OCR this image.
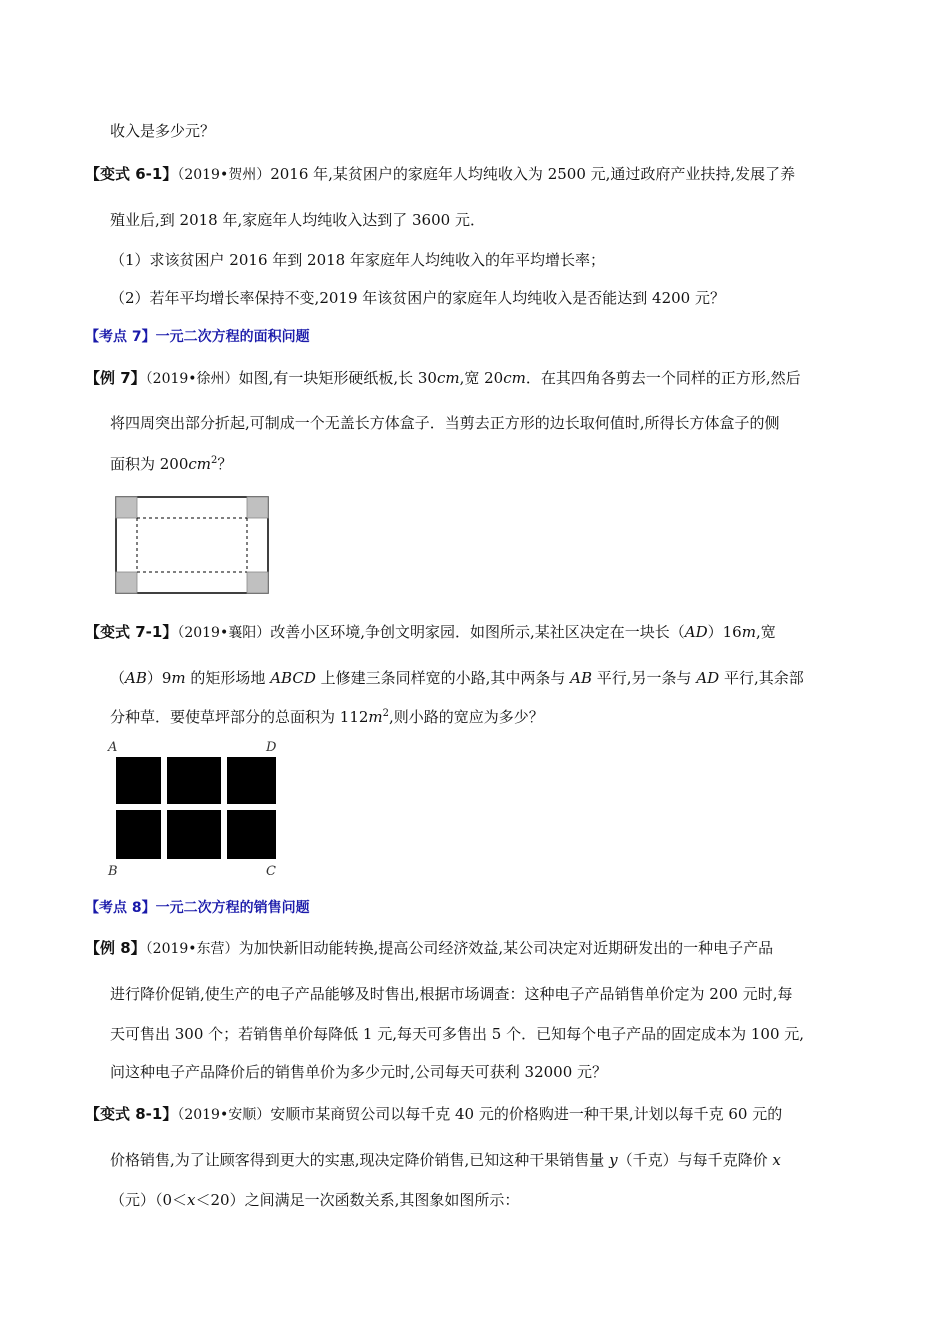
收入是多少元？
【变式 6-1】（2019•贺州）2016 年,某贫困户的家庭年人均纯收入为 2500 元,通过政府产业扶持,发展了养
殖业后,到 2018 年,家庭年人均纯收入达到了 3600 元．
（1）求该贫困户 2016 年到 2018 年家庭年人均纯收入的年平均增长率；
（2）若年平均增长率保持不变,2019 年该贫困户的家庭年人均纯收入是否能达到 4200 元？
【考点 7】一元二次方程的面积问题
【例 7】（2019•徐州）如图,有一块矩形硬纸板,长 30cm,宽 20cm．在其四角各剪去一个同样的正方形,然后
将四周突出部分折起,可制成一个无盖长方体盒子．当剪去正方形的边长取何值时,所得长方体盒子的侧
面积为 $200cm^2$？
【变式 7-1】（2019•襄阳）改善小区环境,争创文明家园．如图所示,某社区决定在一块长（AD）16m,宽
（AB）9m 的矩形场地 ABCD 上修建三条同样宽的小路,其中两条与 AB 平行,另一条与 AD 平行,其余部
分种草．要使草坪部分的总面积为 $112m^2$,则小路的宽应为多少？
A	D
B	C
【考点 8】一元二次方程的销售问题
【例 8】（2019•东营）为加快新旧动能转换,提高公司经济效益,某公司决定对近期研发出的一种电子产品
进行降价促销,使生产的电子产品能够及时售出,根据市场调查：这种电子产品销售单价定为 200 元时,每
天可售出 300 个；若销售单价每降低 1 元,每天可多售出 5 个．已知每个电子产品的固定成本为 100 元,
问这种电子产品降价后的销售单价为多少元时,公司每天可获利 32000 元？
【变式 8-1】（2019•安顺）安顺市某商贸公司以每千克 40 元的价格购进一种干果,计划以每千克 60 元的
价格销售,为了让顾客得到更大的实惠,现决定降价销售,已知这种干果销售量 y（千克）与每千克降价 x
（元）（0＜x＜20）之间满足一次函数关系,其图象如图所示：
